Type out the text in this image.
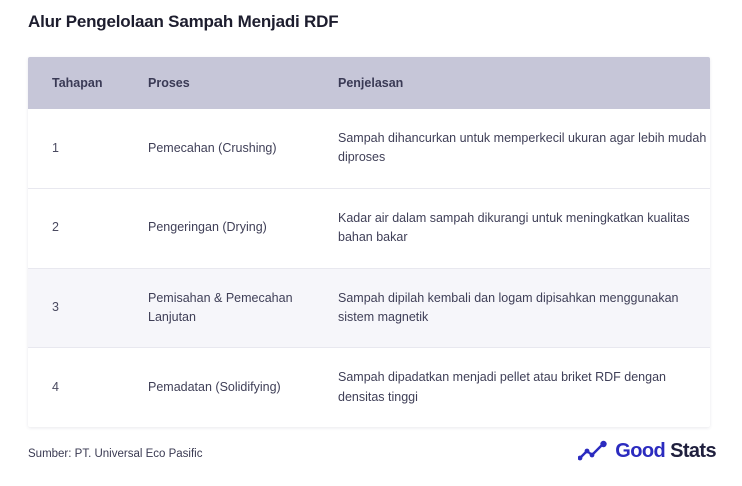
Alur Pengelolaan Sampah Menjadi RDF
Tahapan	Proses	Penjelasan
1	Pemecahan (Crushing)	Sampah dihancurkan untuk memperkecil ukuran agar lebih mudah diproses
2	Pengeringan (Drying)	Kadar air dalam sampah dikurangi untuk meningkatkan kualitas bahan bakar
3	Pemisahan & Pemecahan Lanjutan	Sampah dipilah kembali dan logam dipisahkan menggunakan sistem magnetik
4	Pemadatan (Solidifying)	Sampah dipadatkan menjadi pellet atau briket RDF dengan densitas tinggi
Sumber: PT. Universal Eco Pasific	Good Stats
